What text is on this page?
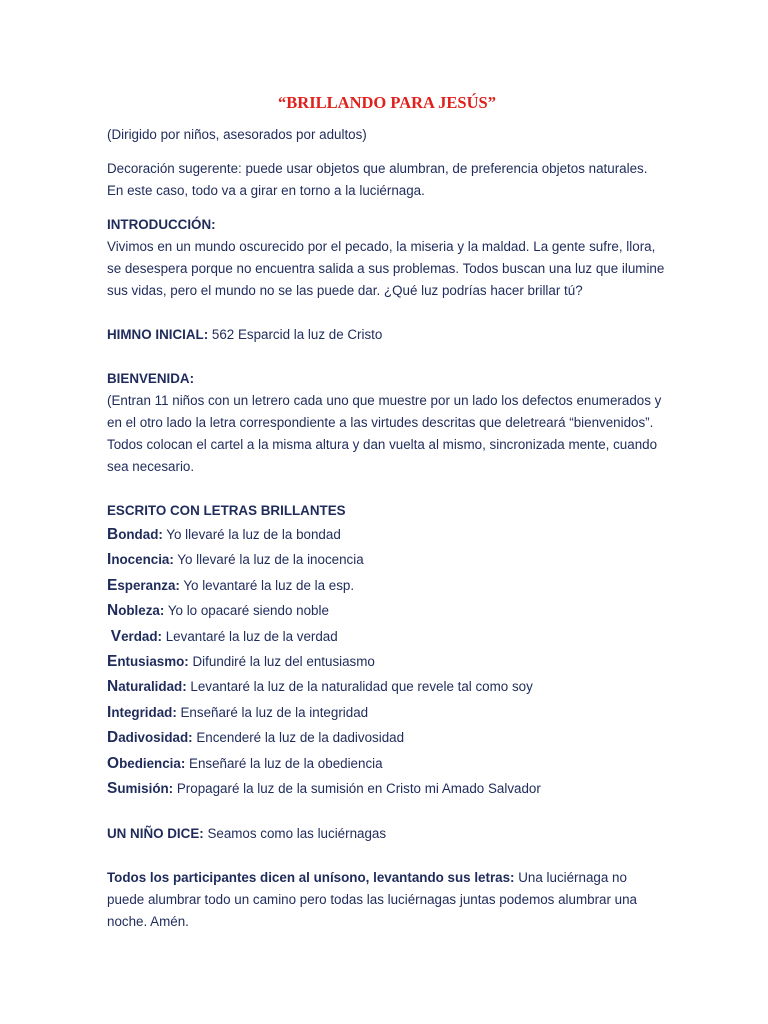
“BRILLANDO PARA JESÚS”

(Dirigido por niños, asesorados por adultos)

Decoración sugerente: puede usar objetos que alumbran, de preferencia objetos naturales. En este caso, todo va a girar en torno a la luciérnaga.

INTRODUCCIÓN:

Vivimos en un mundo oscurecido por el pecado, la miseria y la maldad. La gente sufre, llora, se desespera porque no encuentra salida a sus problemas. Todos buscan una luz que ilumine sus vidas, pero el mundo no se las puede dar. ¿Qué luz podrías hacer brillar tú?

HIMNO INICIAL: 562 Esparcid la luz de Cristo

BIENVENIDA:

(Entran 11 niños con un letrero cada uno que muestre por un lado los defectos enumerados y en el otro lado la letra correspondiente a las virtudes descritas que deletreará “bienvenidos”. Todos colocan el cartel a la misma altura y dan vuelta al mismo, sincronizada mente, cuando sea necesario.

ESCRITO CON LETRAS BRILLANTES

Bondad: Yo llevaré la luz de la bondad

Inocencia: Yo llevaré la luz de la inocencia

Esperanza: Yo levantaré la luz de la esp.

Nobleza: Yo lo opacaré siendo noble

Verdad: Levantaré la luz de la verdad

Entusiasmo: Difundiré la luz del entusiasmo

Naturalidad: Levantaré la luz de la naturalidad que revele tal como soy

Integridad: Enseñaré la luz de la integridad

Dadivosidad: Encenderé la luz de la dadivosidad

Obediencia: Enseñaré la luz de la obediencia

Sumisión: Propagaré la luz de la sumisión en Cristo mi Amado Salvador

UN NIÑO DICE: Seamos como las luciérnagas

Todos los participantes dicen al unísono, levantando sus letras: Una luciérnaga no puede alumbrar todo un camino pero todas las luciérnagas juntas podemos alumbrar una noche. Amén.
